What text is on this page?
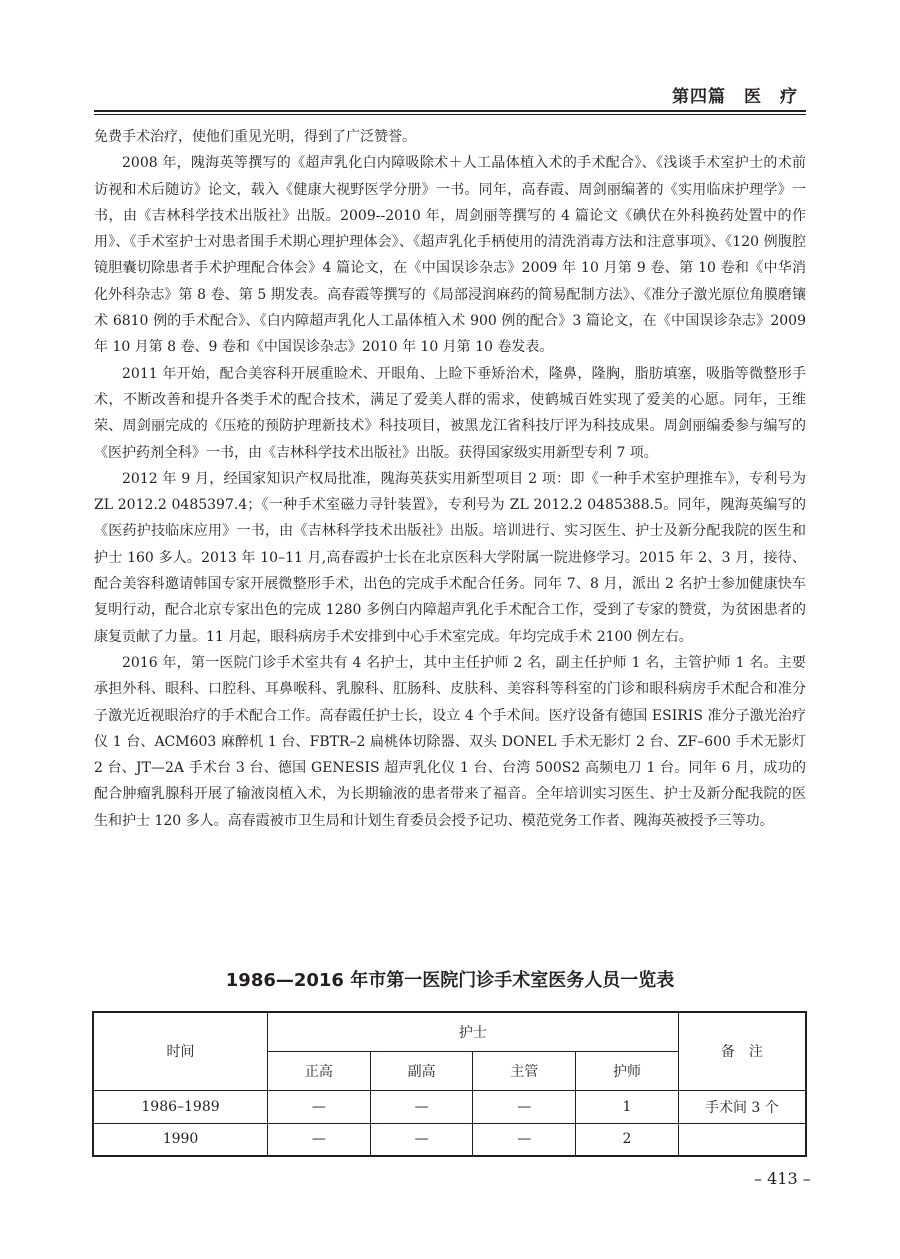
第四篇　医　疗

免费手术治疗，使他们重见光明，得到了广泛赞誉。

2008 年，隗海英等撰写的《超声乳化白内障吸除术＋人工晶体植入术的手术配合》、《浅谈手术室护士的术前访视和术后随访》论文，载入《健康大视野医学分册》一书。同年，高春霞、周剑丽编著的《实用临床护理学》一书，由《吉林科学技术出版社》出版。2009--2010 年，周剑丽等撰写的 4 篇论文《碘伏在外科换药处置中的作用》、《手术室护士对患者围手术期心理护理体会》、《超声乳化手柄使用的清洗消毒方法和注意事项》、《120 例腹腔镜胆囊切除患者手术护理配合体会》4 篇论文，在《中国误诊杂志》2009 年 10 月第 9 卷、第 10 卷和《中华消化外科杂志》第 8 卷、第 5 期发表。高春霞等撰写的《局部浸润麻药的简易配制方法》、《准分子激光原位角膜磨镶术 6810 例的手术配合》、《白内障超声乳化人工晶体植入术 900 例的配合》3 篇论文，在《中国误诊杂志》2009 年 10 月第 8 卷、9 卷和《中国误诊杂志》2010 年 10 月第 10 卷发表。

2011 年开始，配合美容科开展重睑术、开眼角、上睑下垂矫治术，隆鼻，隆胸，脂肪填塞，吸脂等微整形手术，不断改善和提升各类手术的配合技术，满足了爱美人群的需求，使鹤城百姓实现了爱美的心愿。同年，王维荣、周剑丽完成的《压疮的预防护理新技术》科技项目，被黑龙江省科技厅评为科技成果。周剑丽编委参与编写的《医护药剂全科》一书，由《吉林科学技术出版社》出版。获得国家级实用新型专利 7 项。

2012 年 9 月，经国家知识产权局批准，隗海英获实用新型项目 2 项：即《一种手术室护理推车》，专利号为 ZL 2012.2 0485397.4；《一种手术室磁力寻针装置》，专利号为 ZL 2012.2 0485388.5。同年，隗海英编写的《医药护技临床应用》一书，由《吉林科学技术出版社》出版。培训进行、实习医生、护士及新分配我院的医生和护士 160 多人。2013 年 10–11 月,高春霞护士长在北京医科大学附属一院进修学习。2015 年 2、3 月，接待、配合美容科邀请韩国专家开展微整形手术，出色的完成手术配合任务。同年 7、8 月，派出 2 名护士参加健康快车复明行动，配合北京专家出色的完成 1280 多例白内障超声乳化手术配合工作，受到了专家的赞赏，为贫困患者的康复贡献了力量。11 月起，眼科病房手术安排到中心手术室完成。年均完成手术 2100 例左右。

2016 年，第一医院门诊手术室共有 4 名护士，其中主任护师 2 名，副主任护师 1 名，主管护师 1 名。主要承担外科、眼科、口腔科、耳鼻喉科、乳腺科、肛肠科、皮肤科、美容科等科室的门诊和眼科病房手术配合和准分子激光近视眼治疗的手术配合工作。高春霞任护士长，设立 4 个手术间。医疗设备有德国 ESIRIS 准分子激光治疗仪 1 台、ACM603 麻醉机 1 台、FBTR–2 扁桃体切除器、双头 DONEL 手术无影灯 2 台、ZF–600 手术无影灯 2 台、JT—2A 手术台 3 台、德国 GENESIS 超声乳化仪 1 台、台湾 500S2 高频电刀 1 台。同年 6 月，成功的配合肿瘤乳腺科开展了输液岗植入术，为长期输液的患者带来了福音。全年培训实习医生、护士及新分配我院的医生和护士 120 多人。高春霞被市卫生局和计划生育委员会授予记功、模范党务工作者、隗海英被授予三等功。

1986—2016 年市第一医院门诊手术室医务人员一览表
时间	护士				备　注
	正高	副高	主管	护师	
1986–1989	—	—	—	1	手术间 3 个
1990	—	—	—	2	
– 413 –
